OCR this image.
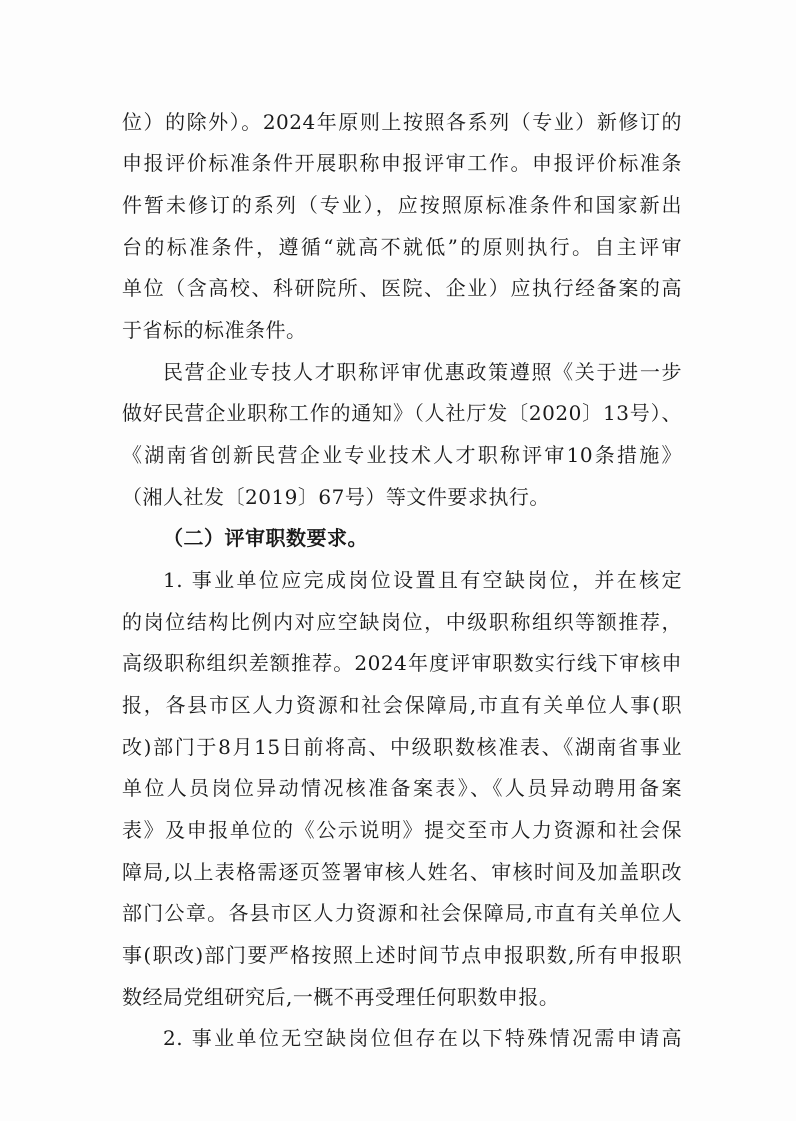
位）的除外）。2024年原则上按照各系列（专业）新修订的
申报评价标准条件开展职称申报评审工作。申报评价标准条
件暂未修订的系列（专业），应按照原标准条件和国家新出
台的标准条件，遵循“就高不就低”的原则执行。自主评审
单位（含高校、科研院所、医院、企业）应执行经备案的高
于省标的标准条件。
民营企业专技人才职称评审优惠政策遵照《关于进一步
做好民营企业职称工作的通知》（人社厅发〔2020〕13号）、
《湖南省创新民营企业专业技术人才职称评审10条措施》
（湘人社发〔2019〕67号）等文件要求执行。
（二）评审职数要求。
1. 事业单位应完成岗位设置且有空缺岗位，并在核定
的岗位结构比例内对应空缺岗位，中级职称组织等额推荐，
高级职称组织差额推荐。2024年度评审职数实行线下审核申
报，各县市区人力资源和社会保障局,市直有关单位人事(职
改)部门于8月15日前将高、中级职数核准表、《湖南省事业
单位人员岗位异动情况核准备案表》、《人员异动聘用备案
表》及申报单位的《公示说明》提交至市人力资源和社会保
障局,以上表格需逐页签署审核人姓名、审核时间及加盖职改
部门公章。各县市区人力资源和社会保障局,市直有关单位人
事(职改)部门要严格按照上述时间节点申报职数,所有申报职
数经局党组研究后,一概不再受理任何职数申报。
2. 事业单位无空缺岗位但存在以下特殊情况需申请高
